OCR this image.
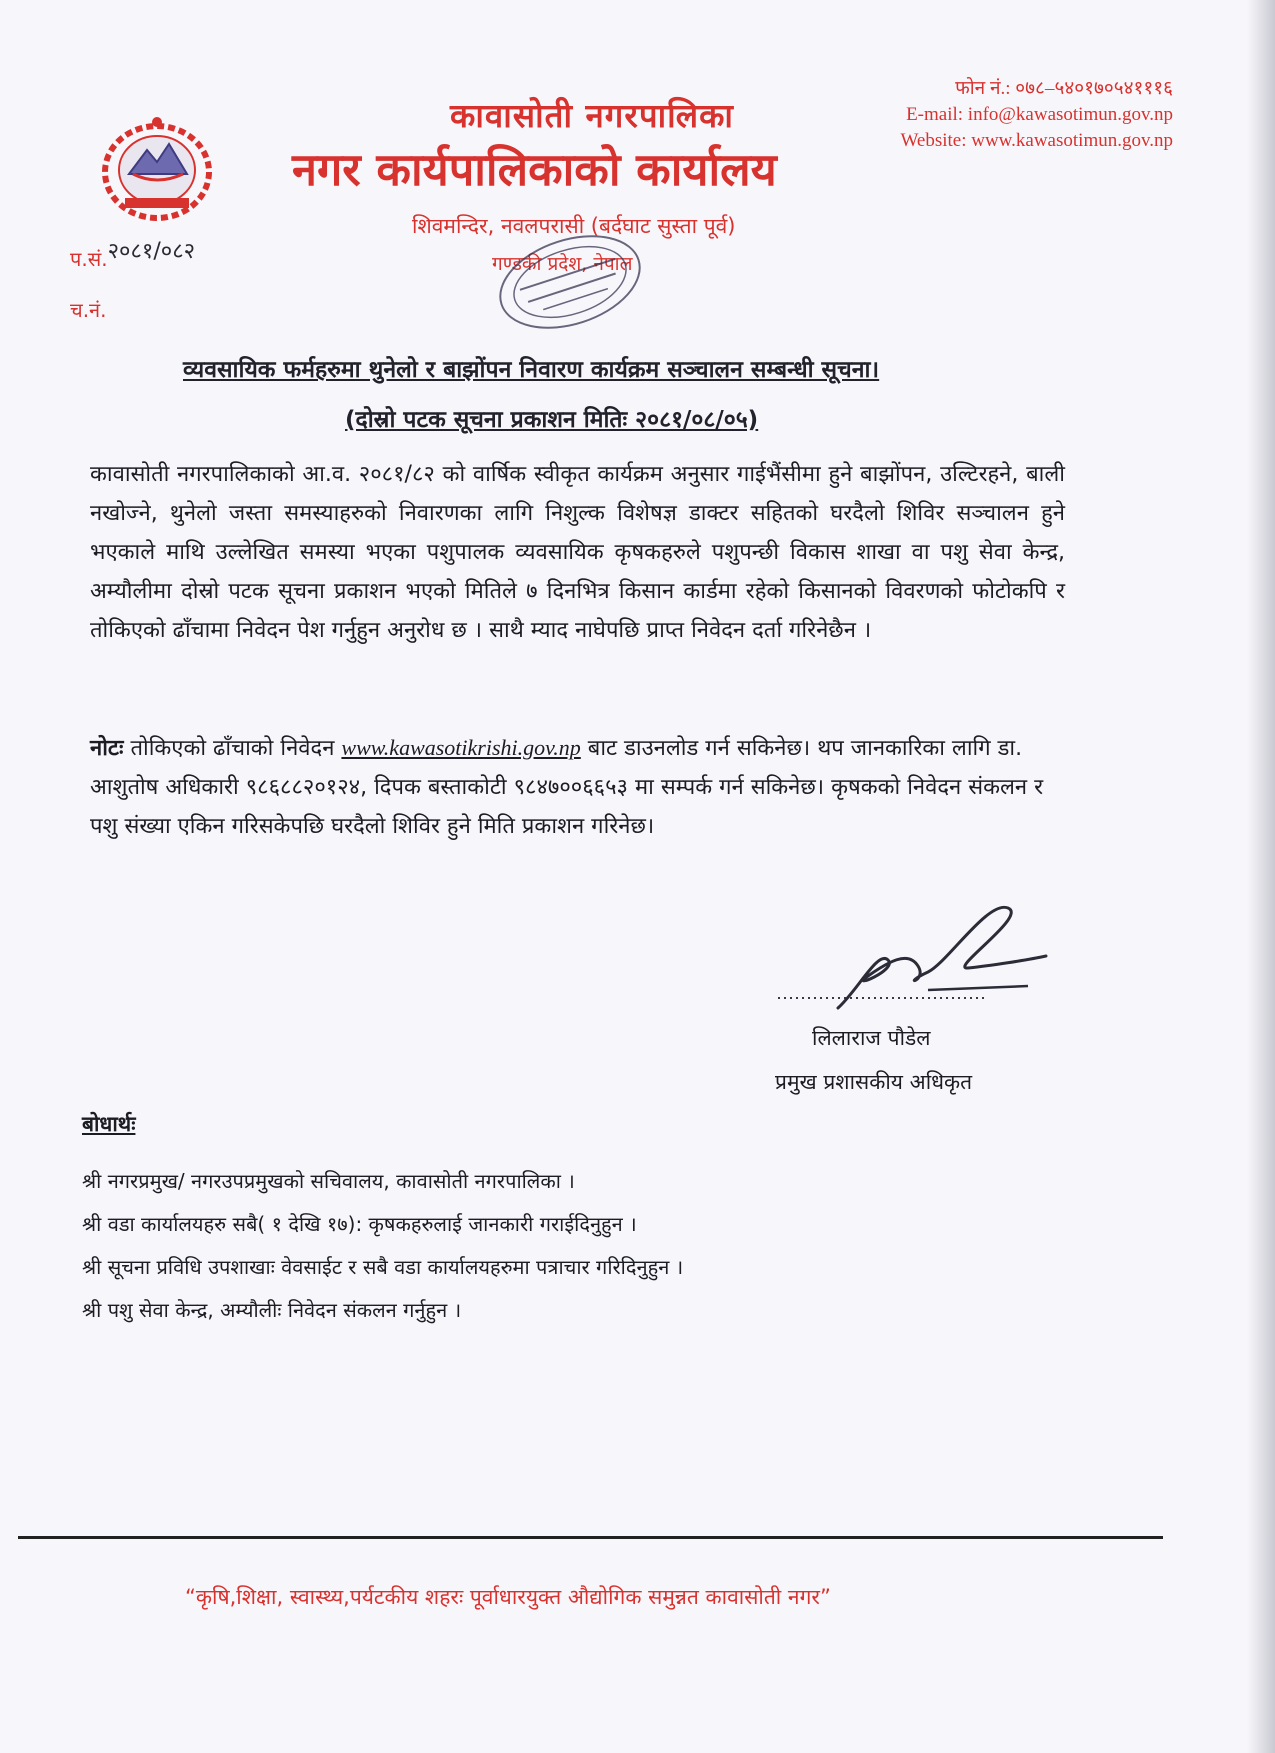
कावासोती नगरपालिका
नगर कार्यपालिकाको कार्यालय
शिवमन्दिर, नवलपरासी (बर्दघाट सुस्ता पूर्व)
गण्डकी प्रदेश, नेपाल
फोन नं.: ०७८–५४०१७०५४१११६
E-mail: info@kawasotimun.gov.np
Website: www.kawasotimun.gov.np
प.सं.२०८१/०८२
च.नं.
व्यवसायिक फर्महरुमा थुनेलो र बाझोंपन निवारण कार्यक्रम सञ्चालन सम्बन्धी सूचना।
(दोस्रो पटक सूचना प्रकाशन मितिः २०८१/०८/०५)
कावासोती नगरपालिकाको आ.व. २०८१/८२ को वार्षिक स्वीकृत कार्यक्रम अनुसार गाईभैंसीमा हुने बाझोंपन, उल्टिरहने, बाली नखोज्ने, थुनेलो जस्ता समस्याहरुको निवारणका लागि निशुल्क विशेषज्ञ डाक्टर सहितको घरदैलो शिविर सञ्चालन हुने भएकाले माथि उल्लेखित समस्या भएका पशुपालक व्यवसायिक कृषकहरुले पशुपन्छी विकास शाखा वा पशु सेवा केन्द्र, अम्यौलीमा दोस्रो पटक सूचना प्रकाशन भएको मितिले ७ दिनभित्र किसान कार्डमा रहेको किसानको विवरणको फोटोकपि र तोकिएको ढाँचामा निवेदन पेश गर्नुहुन अनुरोध छ । साथै म्याद नाघेपछि प्राप्त निवेदन दर्ता गरिनेछैन ।
नोटः तोकिएको ढाँचाको निवेदन www.kawasotikrishi.gov.np बाट डाउनलोड गर्न सकिनेछ। थप जानकारिका लागि डा. आशुतोष अधिकारी ९८६८८२०१२४, दिपक बस्ताकोटी ९८४७००६६५३ मा सम्पर्क गर्न सकिनेछ। कृषकको निवेदन संकलन र पशु संख्या एकिन गरिसकेपछि घरदैलो शिविर हुने मिति प्रकाशन गरिनेछ।
लिलाराज पौडेल
प्रमुख प्रशासकीय अधिकृत
बोधार्थः
श्री नगरप्रमुख/ नगरउपप्रमुखको सचिवालय, कावासोती नगरपालिका ।
श्री वडा कार्यालयहरु सबै( १ देखि १७): कृषकहरुलाई जानकारी गराईदिनुहुन ।
श्री सूचना प्रविधि उपशाखाः वेवसाईट र सबै वडा कार्यालयहरुमा पत्राचार गरिदिनुहुन ।
श्री पशु सेवा केन्द्र, अम्यौलीः निवेदन संकलन गर्नुहुन ।
“कृषि,शिक्षा, स्वास्थ्य,पर्यटकीय शहरः पूर्वाधारयुक्त औद्योगिक समुन्नत कावासोती नगर”
